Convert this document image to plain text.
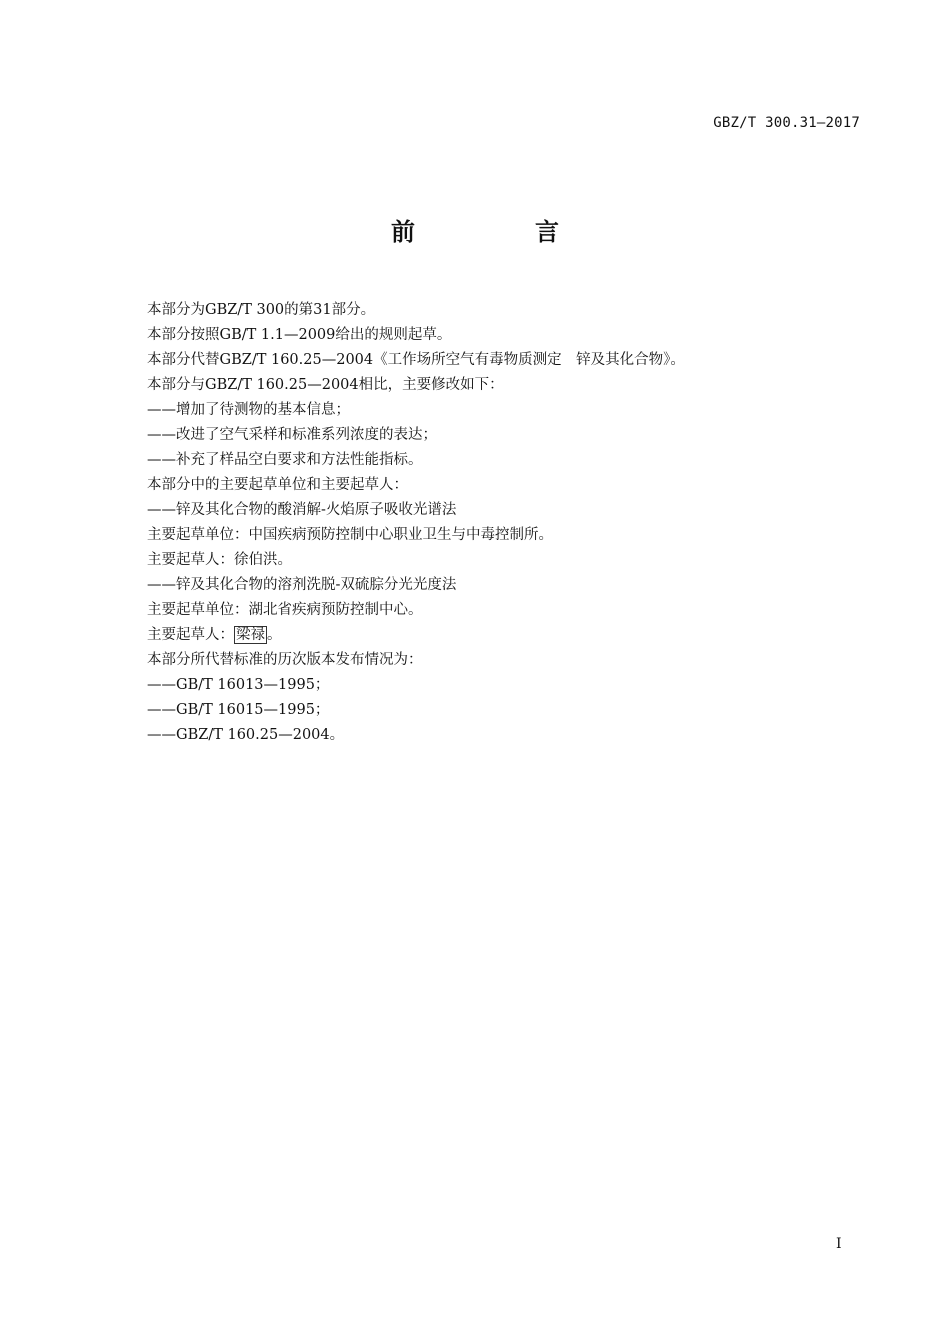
GBZ/T 300.31—2017
前　言
本部分为GBZ/T 300的第31部分。
本部分按照GB/T 1.1—2009给出的规则起草。
本部分代替GBZ/T 160.25—2004《工作场所空气有毒物质测定　锌及其化合物》。
本部分与GBZ/T 160.25—2004相比，主要修改如下：
——增加了待测物的基本信息；
——改进了空气采样和标准系列浓度的表达；
——补充了样品空白要求和方法性能指标。
本部分中的主要起草单位和主要起草人：
——锌及其化合物的酸消解-火焰原子吸收光谱法
主要起草单位：中国疾病预防控制中心职业卫生与中毒控制所。
主要起草人：徐伯洪。
——锌及其化合物的溶剂洗脱-双硫腙分光光度法
主要起草单位：湖北省疾病预防控制中心。
主要起草人： 梁禄 。
本部分所代替标准的历次版本发布情况为：
——GB/T 16013—1995；
——GB/T 16015—1995；
——GBZ/T 160.25—2004。
I
